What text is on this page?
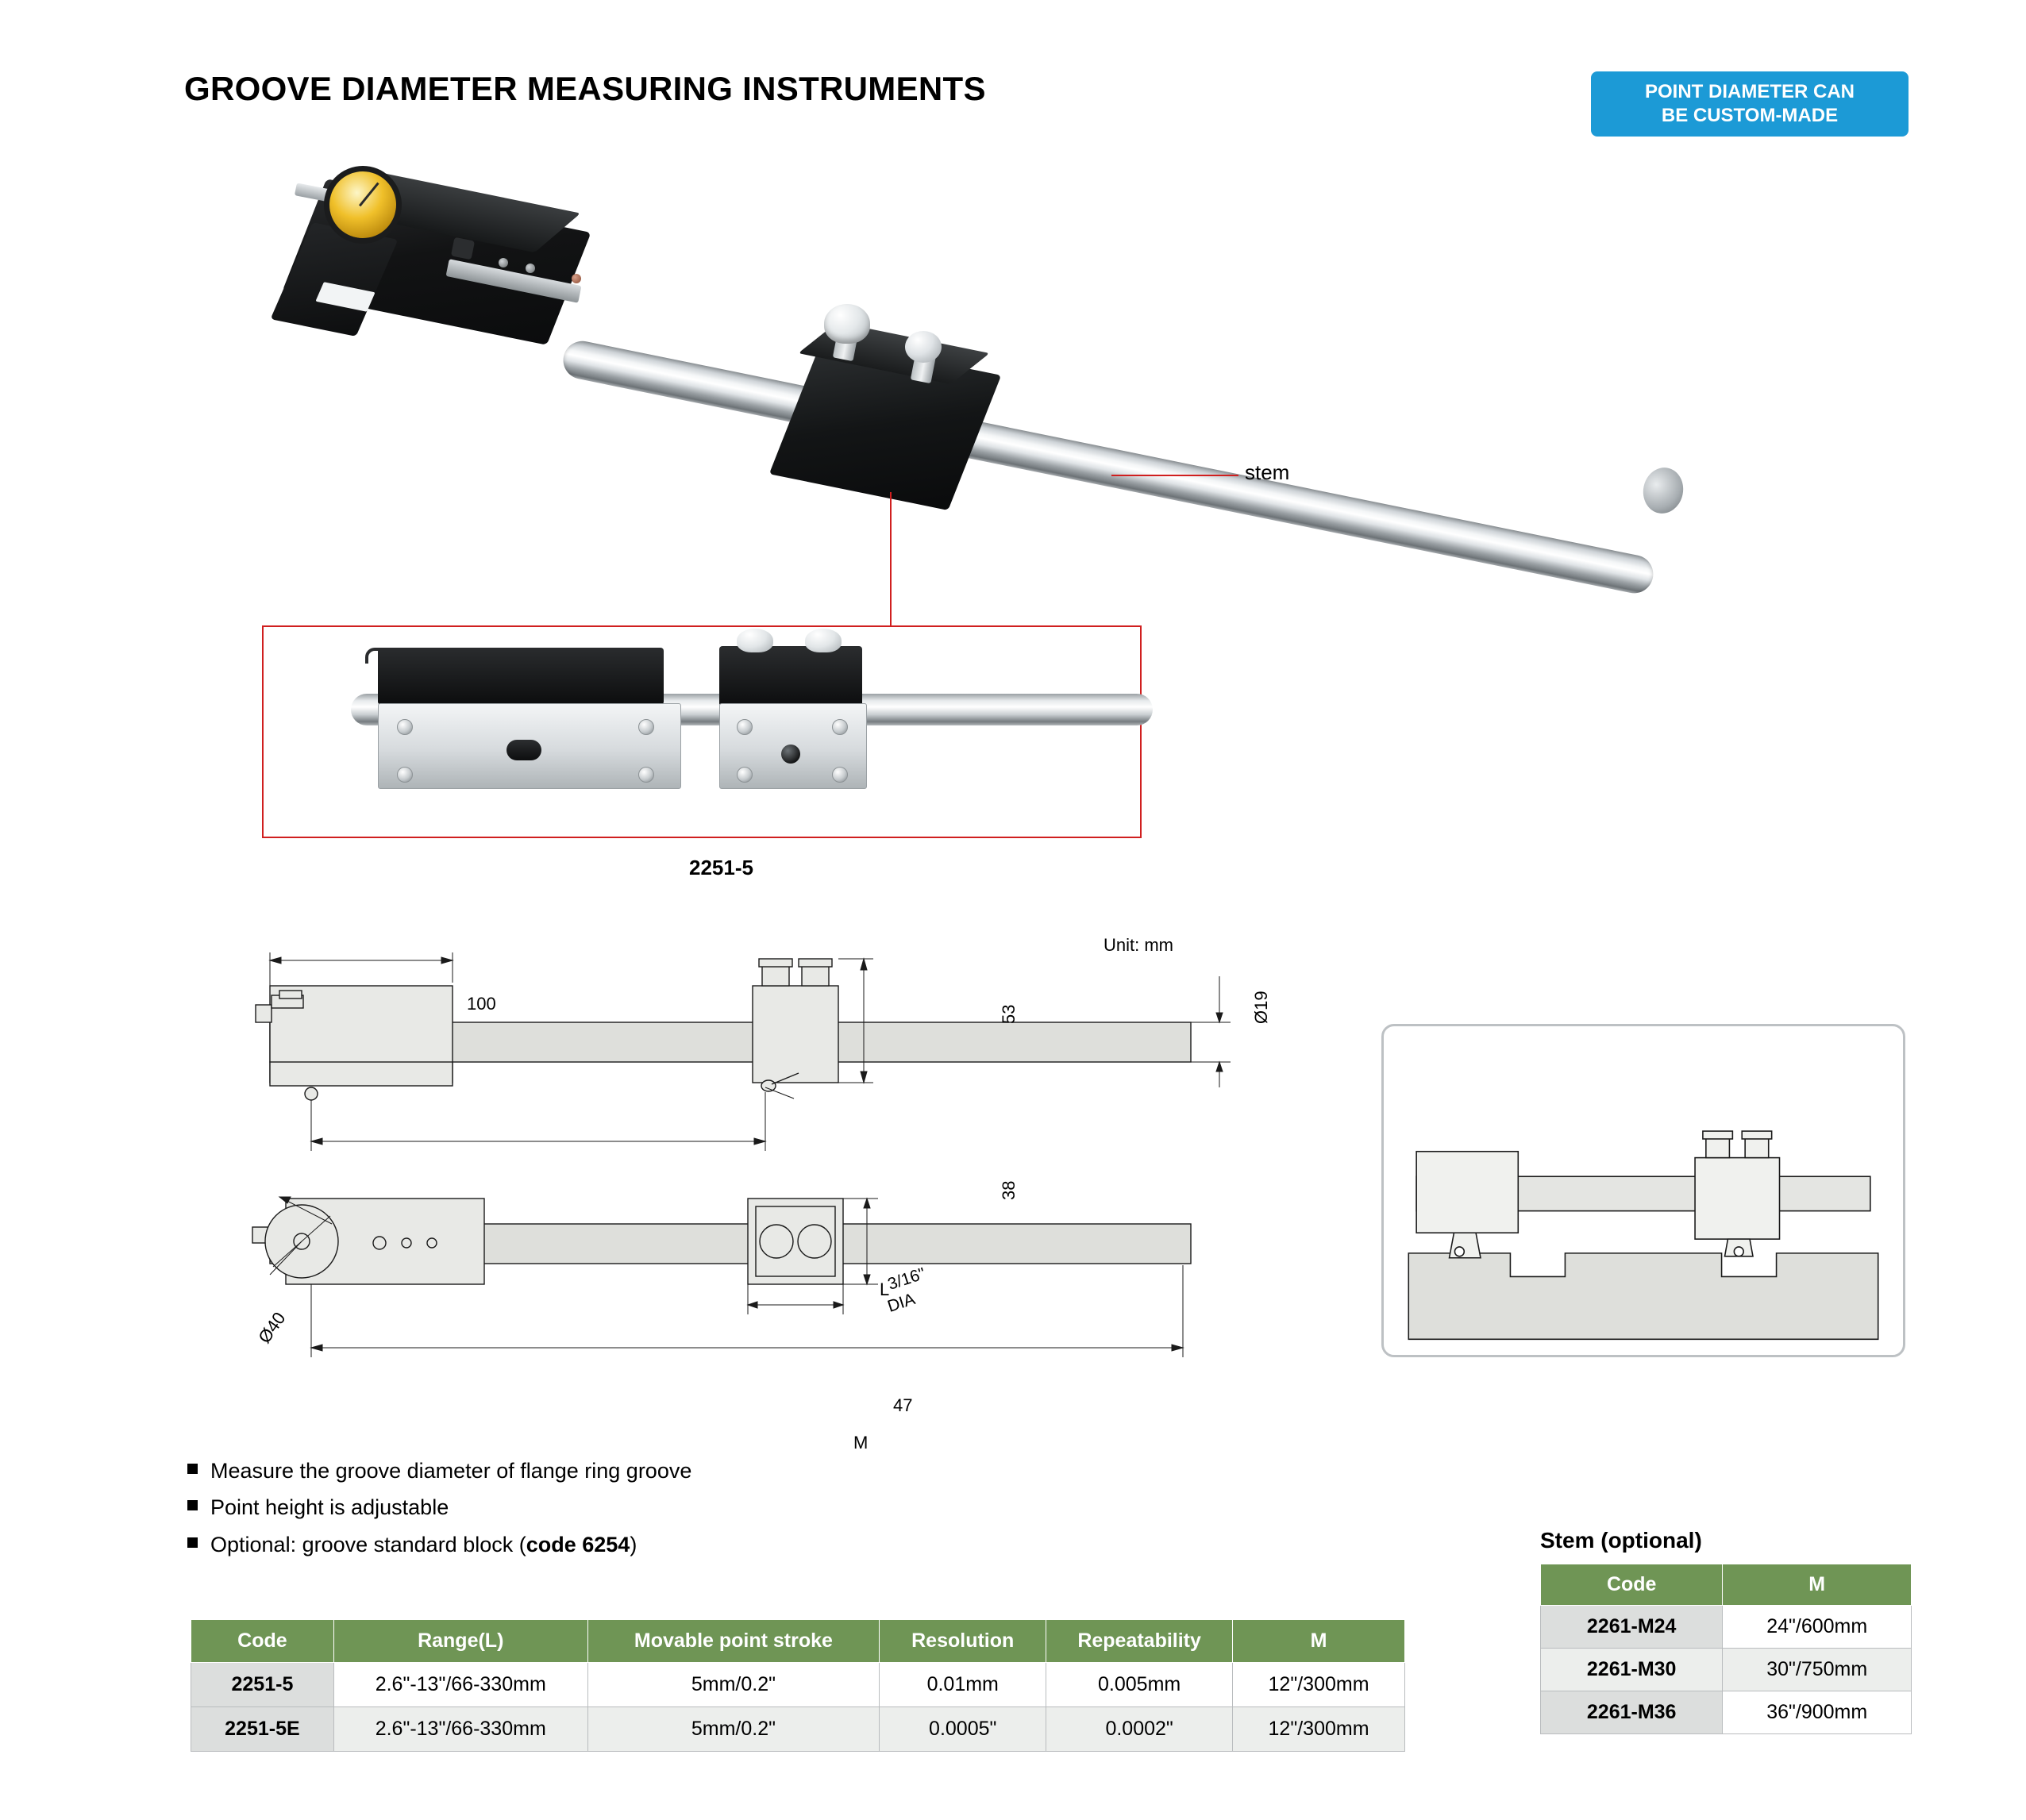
GROOVE DIAMETER MEASURING INSTRUMENTS	POINT DIAMETER CAN
BE CUSTOM-MADE
stem
2251-5
Unit: mm
100
53	Ø19
L
38
47
M
Ø40
3/16"
DIA
Measure the groove diameter of flange ring groove
Point height is adjustable
Optional: groove standard block (code 6254)
Code	Range(L)	Movable point stroke	Resolution	Repeatability	M
2251-5	2.6"-13"/66-330mm	5mm/0.2"	0.01mm	0.005mm	12"/300mm
2251-5E	2.6"-13"/66-330mm	5mm/0.2"	0.0005"	0.0002"	12"/300mm
Stem (optional)
Code	M
2261-M24	24"/600mm
2261-M30	30"/750mm
2261-M36	36"/900mm
